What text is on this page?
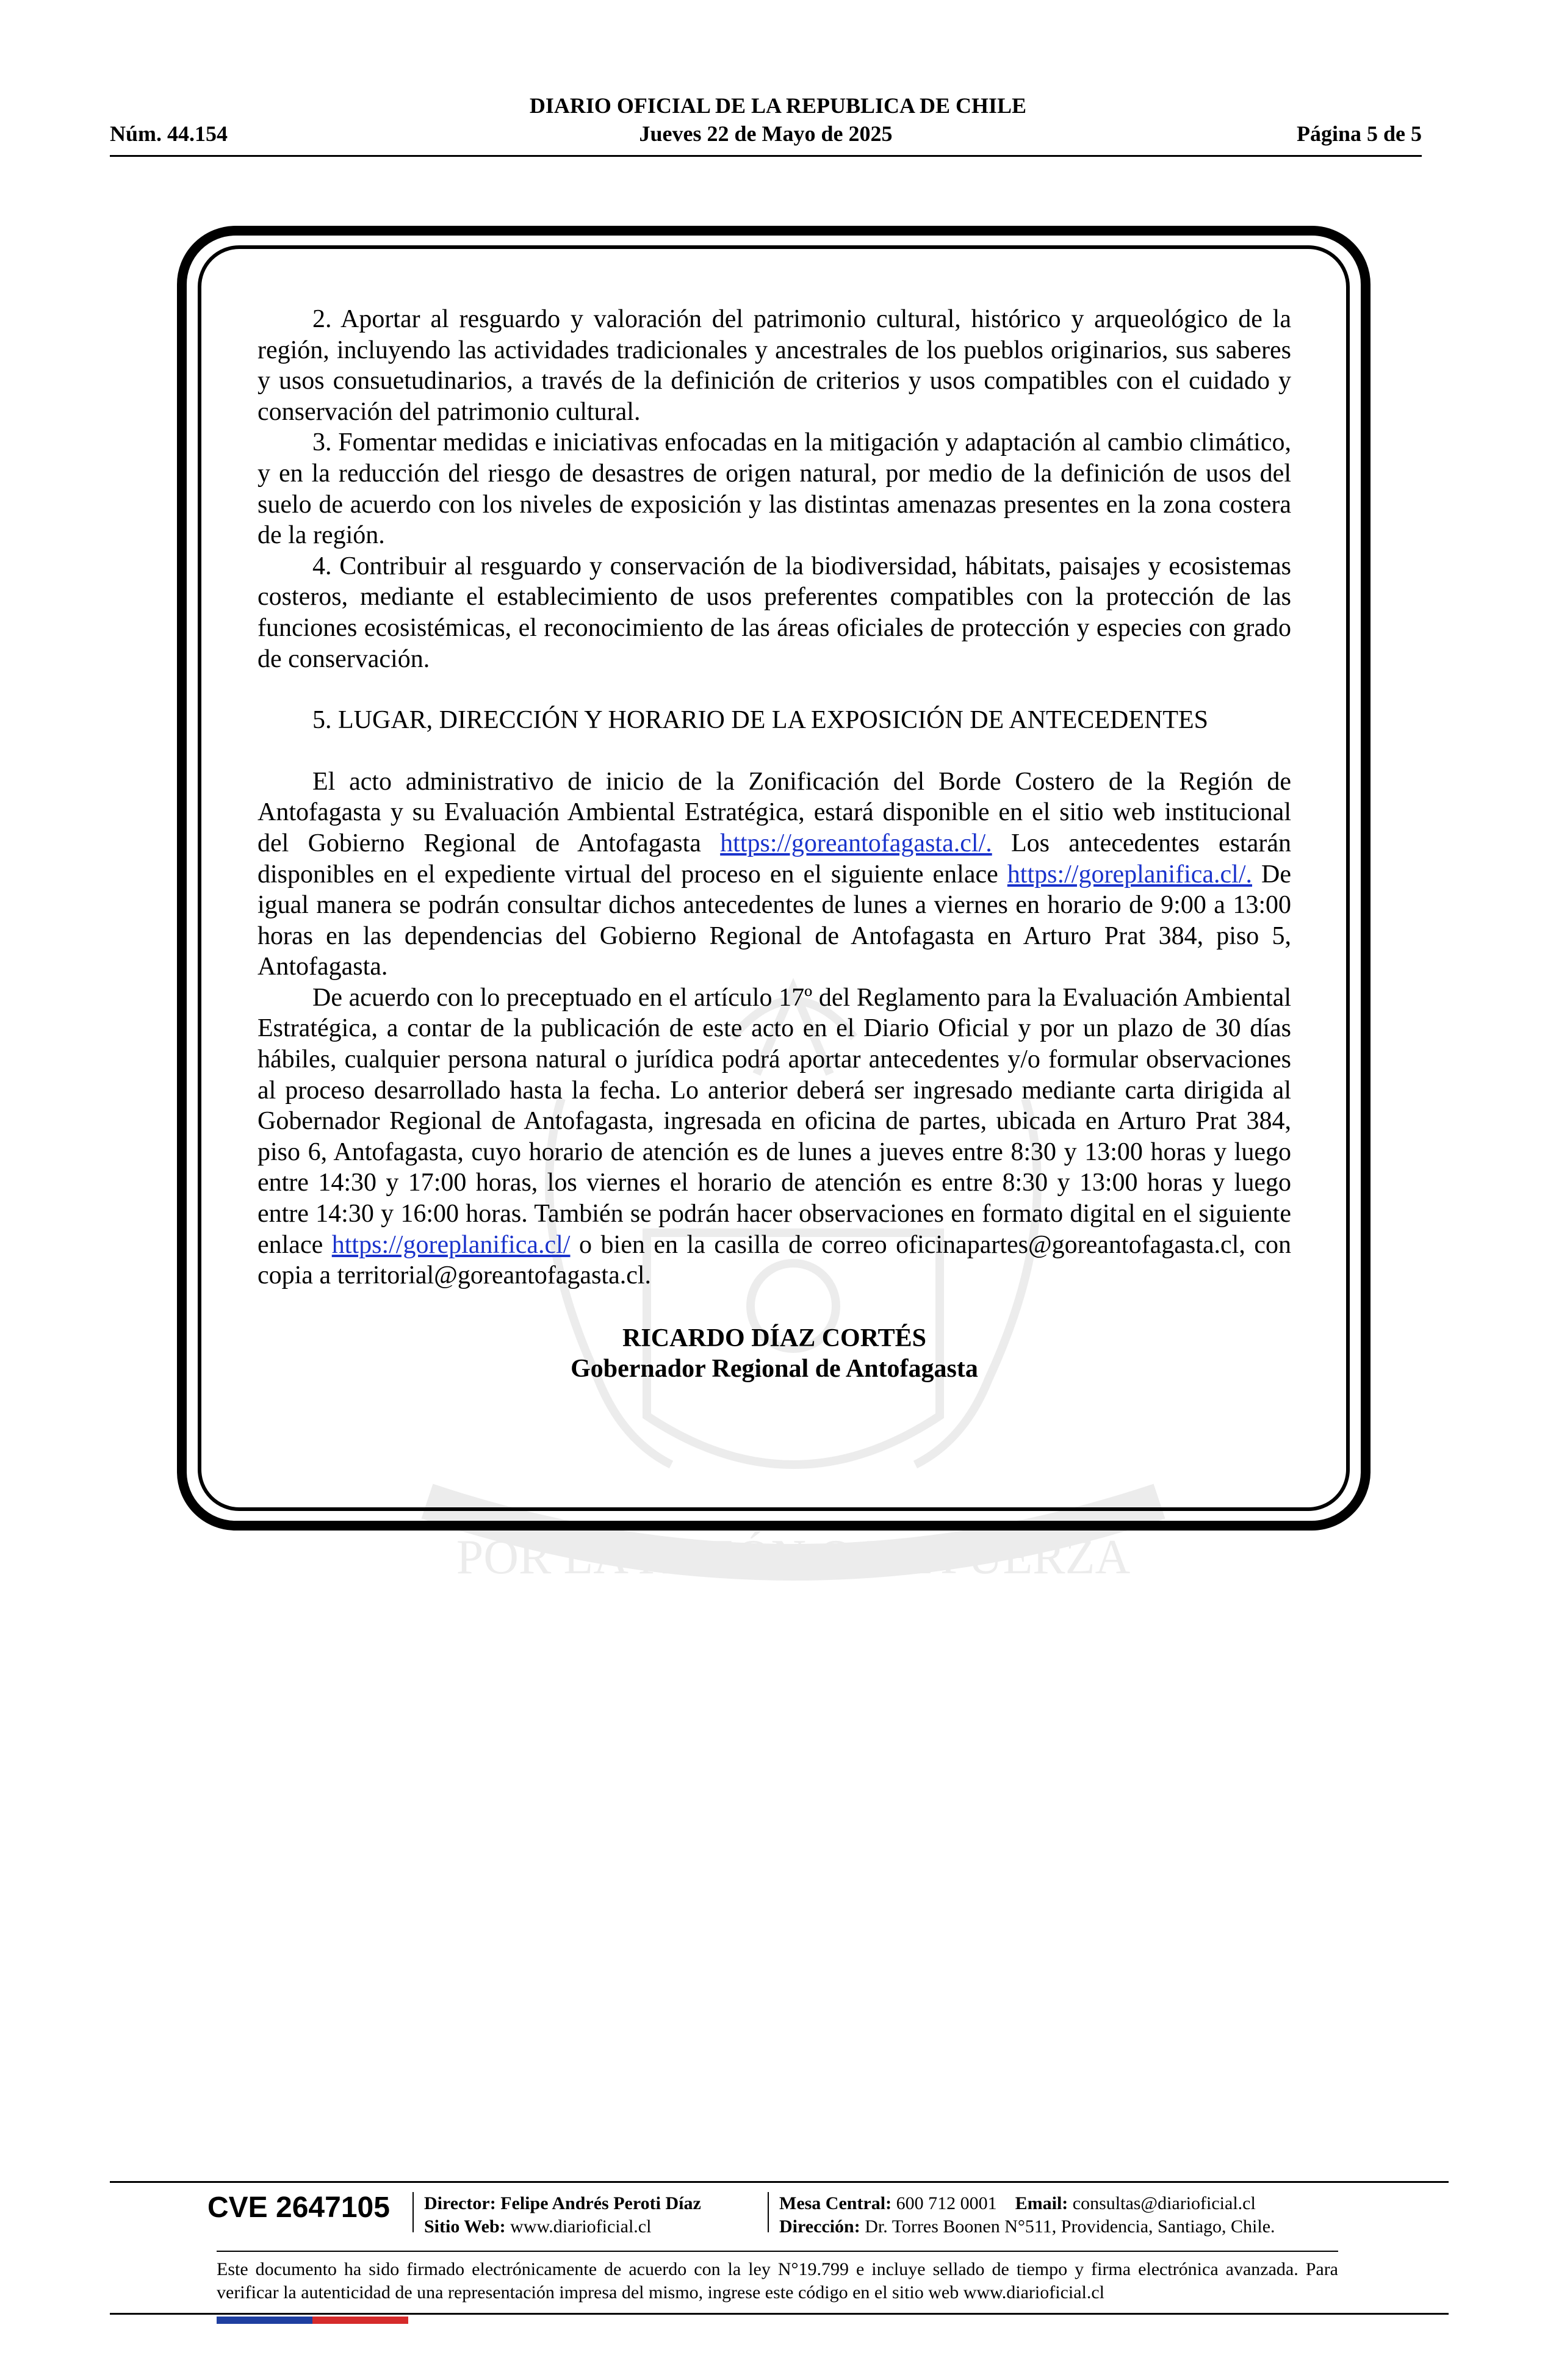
DIARIO OFICIAL DE LA REPUBLICA DE CHILE
Núm. 44.154	Jueves 22 de Mayo de 2025	Página 5 de 5
POR LA RAZÓN O LA FUERZA

2. Aportar al resguardo y valoración del patrimonio cultural, histórico y arqueológico de la región, incluyendo las actividades tradicionales y ancestrales de los pueblos originarios, sus saberes y usos consuetudinarios, a través de la definición de criterios y usos compatibles con el cuidado y conservación del patrimonio cultural.

3. Fomentar medidas e iniciativas enfocadas en la mitigación y adaptación al cambio climático, y en la reducción del riesgo de desastres de origen natural, por medio de la definición de usos del suelo de acuerdo con los niveles de exposición y las distintas amenazas presentes en la zona costera de la región.

4. Contribuir al resguardo y conservación de la biodiversidad, hábitats, paisajes y ecosistemas costeros, mediante el establecimiento de usos preferentes compatibles con la protección de las funciones ecosistémicas, el reconocimiento de las áreas oficiales de protección y especies con grado de conservación.

5. LUGAR, DIRECCIÓN Y HORARIO DE LA EXPOSICIÓN DE ANTECEDENTES

El acto administrativo de inicio de la Zonificación del Borde Costero de la Región de Antofagasta y su Evaluación Ambiental Estratégica, estará disponible en el sitio web institucional del Gobierno Regional de Antofagasta https://goreantofagasta.cl/. Los antecedentes estarán disponibles en el expediente virtual del proceso en el siguiente enlace https://goreplanifica.cl/. De igual manera se podrán consultar dichos antecedentes de lunes a viernes en horario de 9:00 a 13:00 horas en las dependencias del Gobierno Regional de Antofagasta en Arturo Prat 384, piso 5, Antofagasta.

De acuerdo con lo preceptuado en el artículo 17º del Reglamento para la Evaluación Ambiental Estratégica, a contar de la publicación de este acto en el Diario Oficial y por un plazo de 30 días hábiles, cualquier persona natural o jurídica podrá aportar antecedentes y/o formular observaciones al proceso desarrollado hasta la fecha. Lo anterior deberá ser ingresado mediante carta dirigida al Gobernador Regional de Antofagasta, ingresada en oficina de partes, ubicada en Arturo Prat 384, piso 6, Antofagasta, cuyo horario de atención es de lunes a jueves entre 8:30 y 13:00 horas y luego entre 14:30 y 17:00 horas, los viernes el horario de atención es entre 8:30 y 13:00 horas y luego entre 14:30 y 16:00 horas. También se podrán hacer observaciones en formato digital en el siguiente enlace https://goreplanifica.cl/ o bien en la casilla de correo oficinapartes@goreantofagasta.cl, con copia a territorial@goreantofagasta.cl.

RICARDO DÍAZ CORTÉS

Gobernador Regional de Antofagasta

CVE 2647105 Director: Felipe Andrés Peroti Díaz
Sitio Web: www.diarioficial.cl
Mesa Central: 600 712 0001 Email: consultas@diarioficial.cl
Dirección: Dr. Torres Boonen N°511, Providencia, Santiago, Chile.
Este documento ha sido firmado electrónicamente de acuerdo con la ley N°19.799 e incluye sellado de tiempo y firma electrónica avanzada. Para verificar la autenticidad de una representación impresa del mismo, ingrese este código en el sitio web www.diarioficial.cl
